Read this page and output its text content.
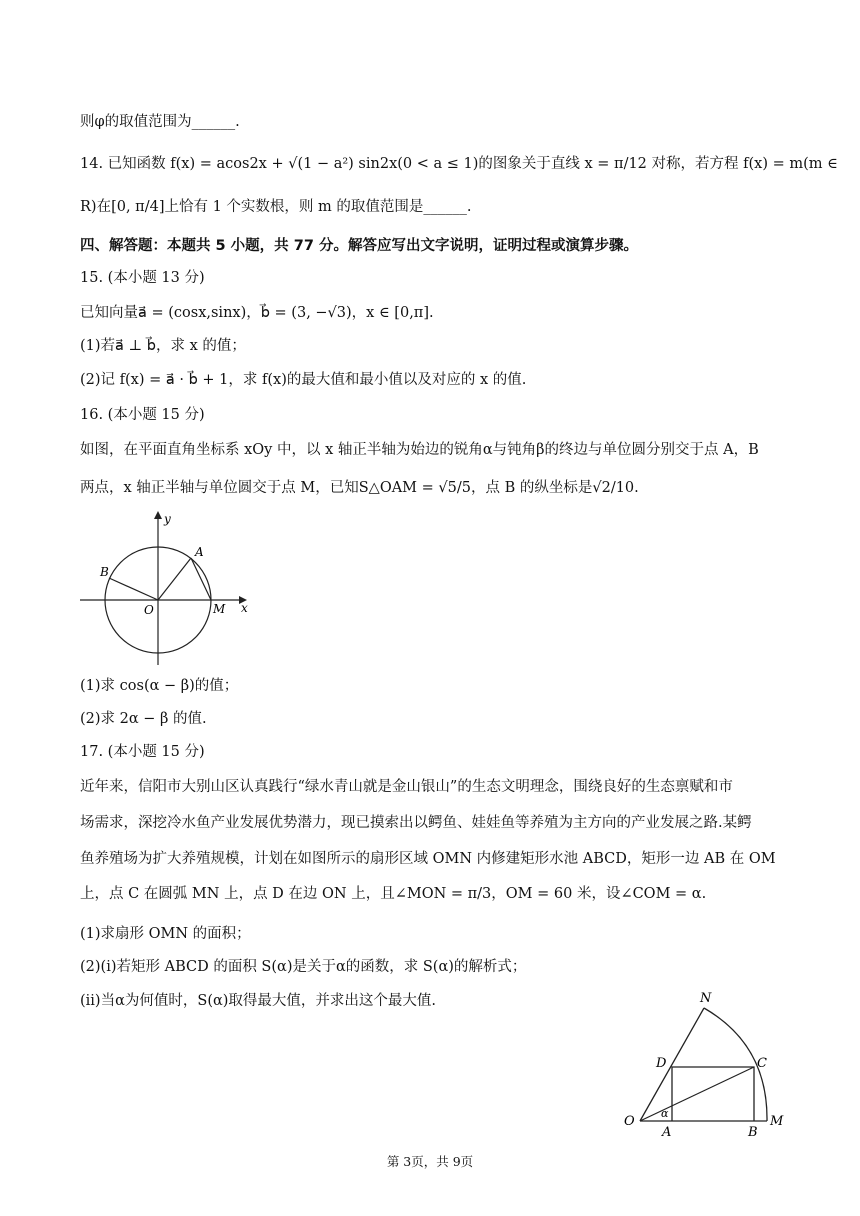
则φ的取值范围为______.
14. 已知函数 f(x) = acos2x + √(1 − a²) sin2x(0 < a ≤ 1)的图象关于直线 x = π/12 对称，若方程 f(x) = m(m ∈
R)在[0, π/4]上恰有 1 个实数根，则 m 的取值范围是______.
四、解答题：本题共 5 小题，共 77 分。解答应写出文字说明，证明过程或演算步骤。
15. (本小题 13 分)
已知向量a⃗ = (cosx,sinx)，b⃗ = (3, −√3)，x ∈ [0,π].
(1)若a⃗ ⊥ b⃗，求 x 的值；
(2)记 f(x) = a⃗ · b⃗ + 1，求 f(x)的最大值和最小值以及对应的 x 的值.
16. (本小题 15 分)
如图，在平面直角坐标系 xOy 中，以 x 轴正半轴为始边的锐角α与钝角β的终边与单位圆分别交于点 A，B
两点，x 轴正半轴与单位圆交于点 M，已知S△OAM = √5/5，点 B 的纵坐标是√2/10.
y
x
A
B
O	M
(1)求 cos(α − β)的值；
(2)求 2α − β 的值.
17. (本小题 15 分)
近年来，信阳市大别山区认真践行“绿水青山就是金山银山”的生态文明理念，围绕良好的生态禀赋和市
场需求，深挖冷水鱼产业发展优势潜力，现已摸索出以鳄鱼、娃娃鱼等养殖为主方向的产业发展之路.某鳄
鱼养殖场为扩大养殖规模，计划在如图所示的扇形区域 OMN 内修建矩形水池 ABCD，矩形一边 AB 在 OM
上，点 C 在圆弧 MN 上，点 D 在边 ON 上，且∠MON = π/3，OM = 60 米，设∠COM = α.
(1)求扇形 OMN 的面积；
(2)(i)若矩形 ABCD 的面积 S(α)是关于α的函数，求 S(α)的解析式；
(ii)当α为何值时，S(α)取得最大值，并求出这个最大值.	N
D	C
O
A	B
M
α
第 3页，共 9页
